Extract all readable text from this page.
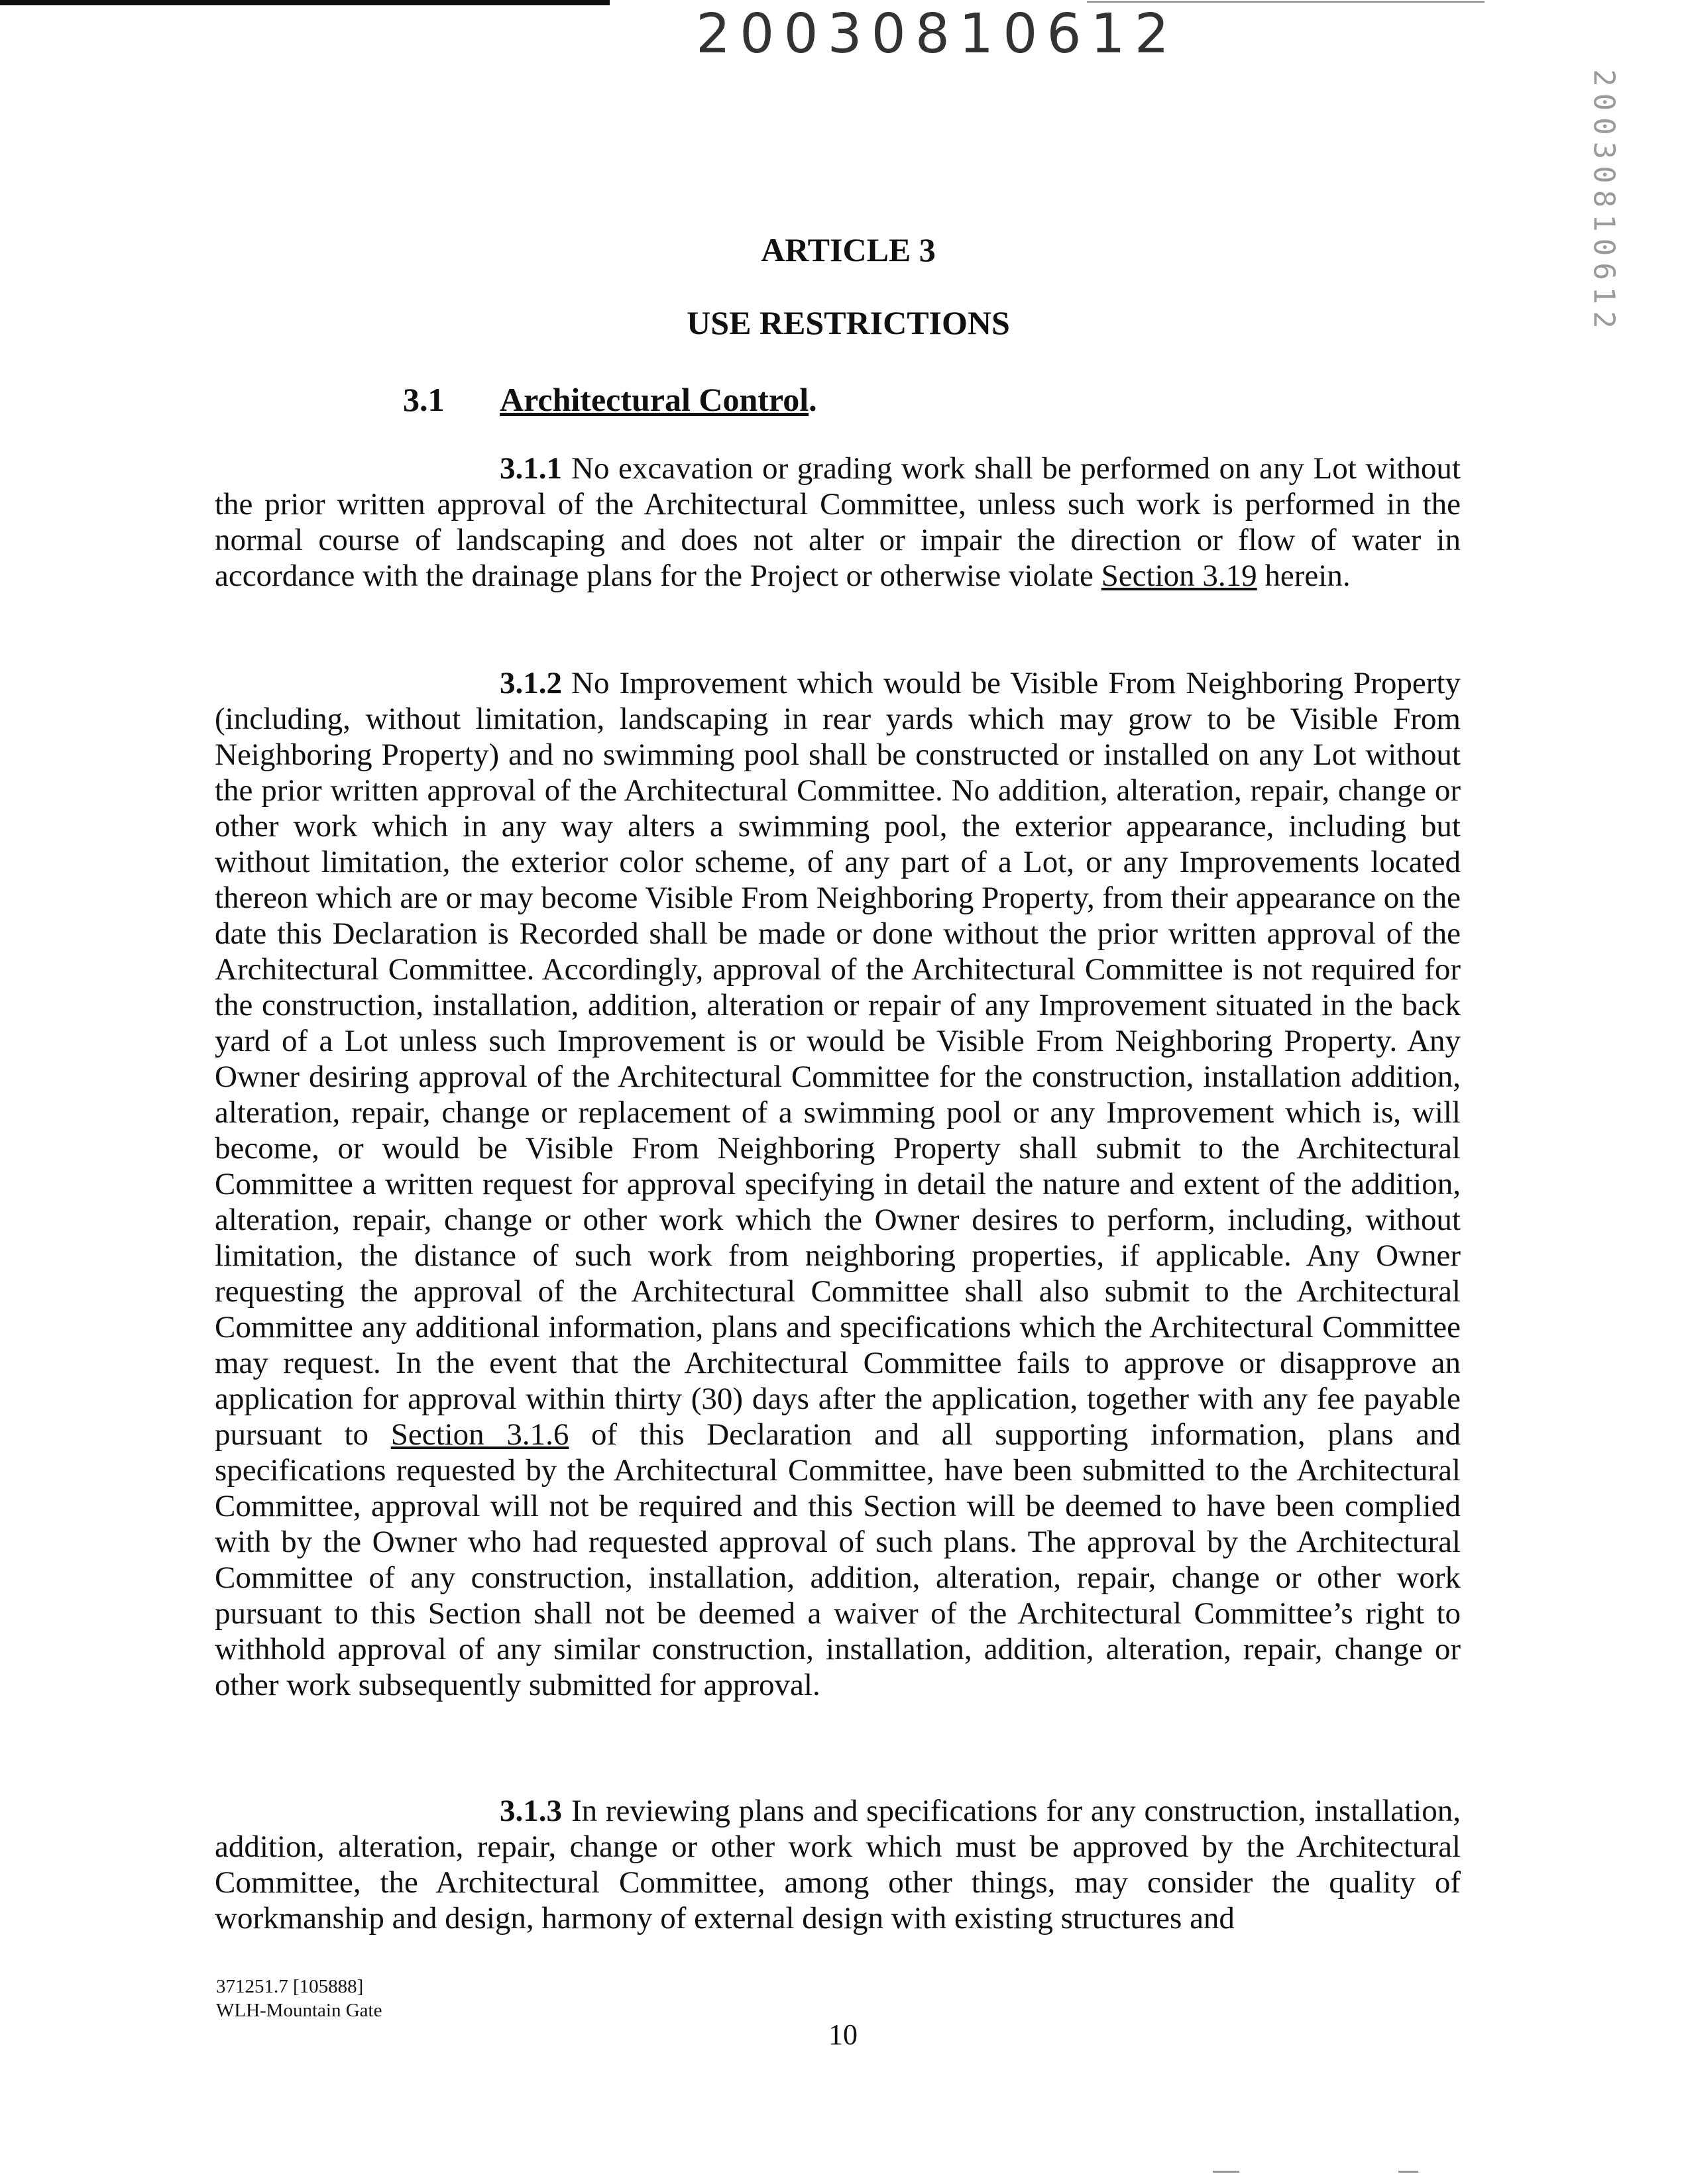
20030810612
20030810612
ARTICLE 3
USE RESTRICTIONS
3.1 Architectural Control.

3.1.1 No excavation or grading work shall be performed on any Lot without the prior written approval of the Architectural Committee, unless such work is performed in the normal course of landscaping and does not alter or impair the direction or flow of water in accordance with the drainage plans for the Project or otherwise violate Section 3.19 herein.

3.1.2 No Improvement which would be Visible From Neighboring Property (including, without limitation, landscaping in rear yards which may grow to be Visible From Neighboring Property) and no swimming pool shall be constructed or installed on any Lot without the prior written approval of the Architectural Committee. No addition, alteration, repair, change or other work which in any way alters a swimming pool, the exterior appearance, including but without limitation, the exterior color scheme, of any part of a Lot, or any Improvements located thereon which are or may become Visible From Neighboring Property, from their appearance on the date this Declaration is Recorded shall be made or done without the prior written approval of the Architectural Committee. Accordingly, approval of the Architectural Committee is not required for the construction, installation, addition, alteration or repair of any Improvement situated in the back yard of a Lot unless such Improvement is or would be Visible From Neighboring Property. Any Owner desiring approval of the Architectural Committee for the construction, installation addition, alteration, repair, change or replacement of a swimming pool or any Improvement which is, will become, or would be Visible From Neighboring Property shall submit to the Architectural Committee a written request for approval specifying in detail the nature and extent of the addition, alteration, repair, change or other work which the Owner desires to perform, including, without limitation, the distance of such work from neighboring properties, if applicable. Any Owner requesting the approval of the Architectural Committee shall also submit to the Architectural Committee any additional information, plans and specifications which the Architectural Committee may request. In the event that the Architectural Committee fails to approve or disapprove an application for approval within thirty (30) days after the application, together with any fee payable pursuant to Section 3.1.6 of this Declaration and all supporting information, plans and specifications requested by the Architectural Committee, have been submitted to the Architectural Committee, approval will not be required and this Section will be deemed to have been complied with by the Owner who had requested approval of such plans. The approval by the Architectural Committee of any construction, installation, addition, alteration, repair, change or other work pursuant to this Section shall not be deemed a waiver of the Architectural Committee’s right to withhold approval of any similar construction, installation, addition, alteration, repair, change or other work subsequently submitted for approval.

3.1.3 In reviewing plans and specifications for any construction, installation, addition, alteration, repair, change or other work which must be approved by the Architectural Committee, the Architectural Committee, among other things, may consider the quality of workmanship and design, harmony of external design with existing structures and

371251.7 [105888]
WLH-Mountain Gate
10
